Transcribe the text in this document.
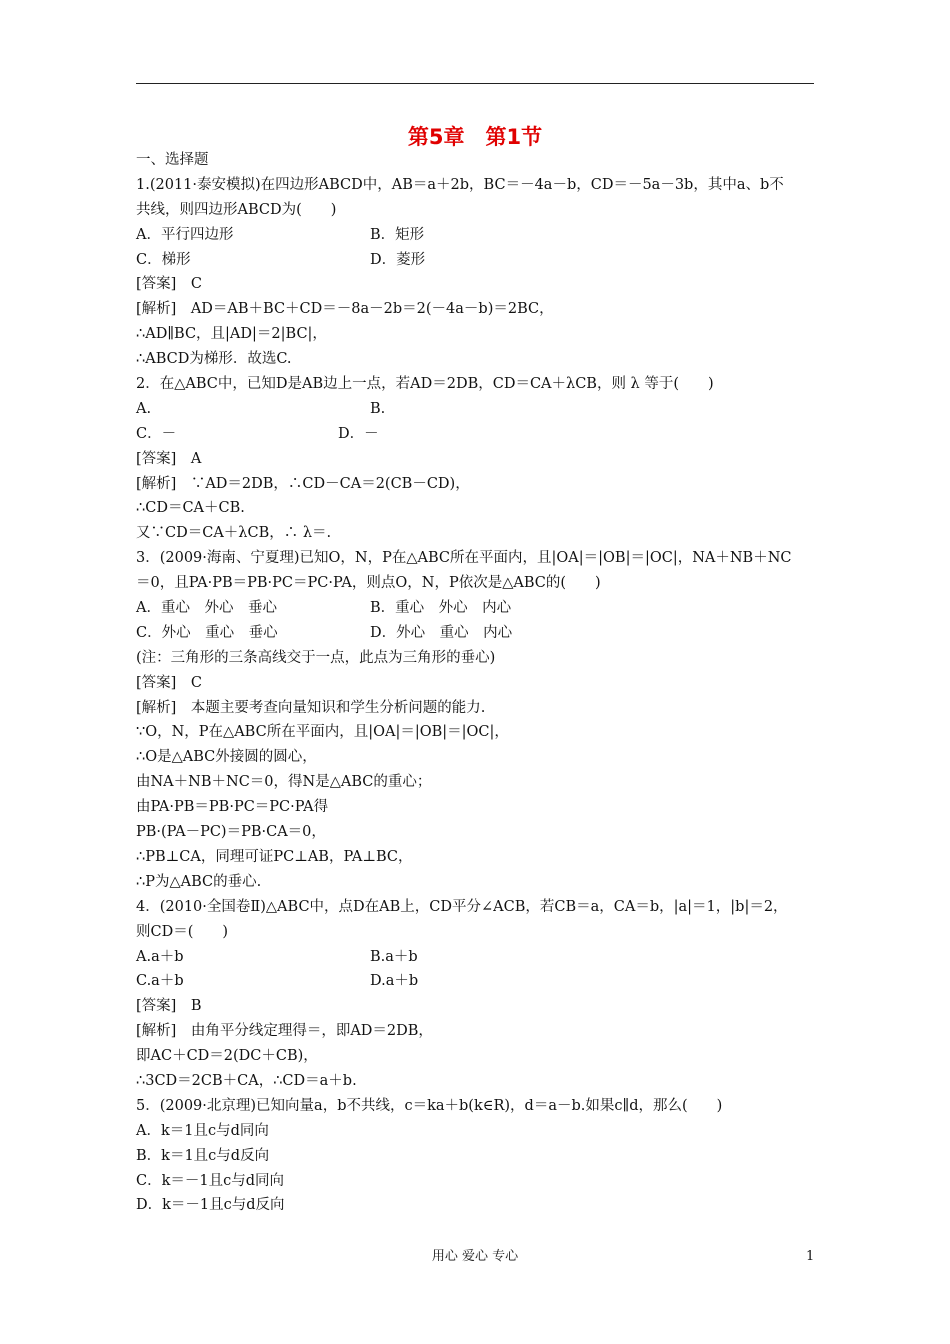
第5章　第1节
一、选择题
1.(2011·泰安模拟)在四边形ABCD中，AB＝a＋2b，BC＝－4a－b，CD＝－5a－3b，其中a、b不
共线，则四边形ABCD为(　　)
A．平行四边形	B．矩形
C．梯形	D．菱形
[答案]　C
[解析]　AD＝AB＋BC＋CD＝－8a－2b＝2(－4a－b)＝2BC，
∴AD∥BC，且|AD|＝2|BC|，
∴ABCD为梯形．故选C.
2．在△ABC中，已知D是AB边上一点，若AD＝2DB，CD＝CA＋λCB，则 λ 等于(　　)
A.	B.
C．－	D．－
[答案]　A
[解析]　∵AD＝2DB，∴CD－CA＝2(CB－CD)，
∴CD＝CA＋CB.
又∵CD＝CA＋λCB，∴ λ＝.
3．(2009·海南、宁夏理)已知O，N，P在△ABC所在平面内，且|OA|＝|OB|＝|OC|，NA＋NB＋NC
＝0，且PA·PB＝PB·PC＝PC·PA，则点O，N，P依次是△ABC的(　　)
A．重心　外心　垂心	B．重心　外心　内心
C．外心　重心　垂心	D．外心　重心　内心
(注：三角形的三条高线交于一点，此点为三角形的垂心)
[答案]　C
[解析]　本题主要考查向量知识和学生分析问题的能力.
∵O，N，P在△ABC所在平面内，且|OA|＝|OB|＝|OC|，
∴O是△ABC外接圆的圆心，
由NA＋NB＋NC＝0，得N是△ABC的重心；
由PA·PB＝PB·PC＝PC·PA得
PB·(PA－PC)＝PB·CA＝0，
∴PB⊥CA，同理可证PC⊥AB，PA⊥BC，
∴P为△ABC的垂心.
4．(2010·全国卷Ⅱ)△ABC中，点D在AB上，CD平分∠ACB，若CB＝a，CA＝b，|a|＝1，|b|＝2，
则CD＝(　　)
A.a＋b	B.a＋b
C.a＋b	D.a＋b
[答案]　B
[解析]　由角平分线定理得＝，即AD＝2DB，
即AC＋CD＝2(DC＋CB)，
∴3CD＝2CB＋CA，∴CD＝a＋b.
5．(2009·北京理)已知向量a，b不共线，c＝ka＋b(k∈R)，d＝a－b.如果c∥d，那么(　　)
A．k＝1且c与d同向
B．k＝1且c与d反向
C．k＝－1且c与d同向
D．k＝－1且c与d反向
用心 爱心 专心	1
